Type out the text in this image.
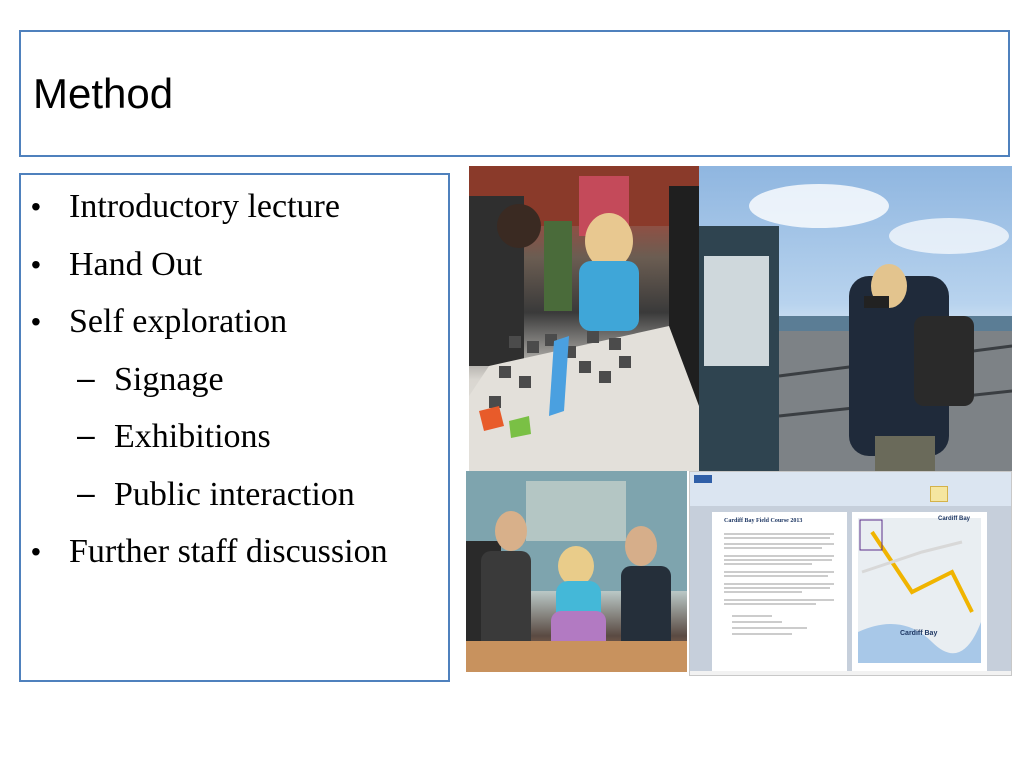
Method
• Introductory lecture
• Hand Out
• Self exploration
– Signage
– Exhibitions
– Public interaction
• Further staff discussion
Cardiff Bay Field Course 2013	Cardiff Bay
Cardiff Bay
